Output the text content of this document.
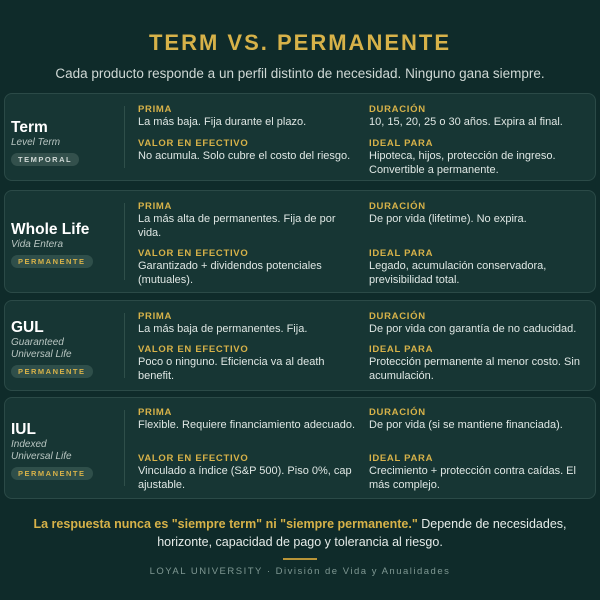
TERM VS. PERMANENTE
Cada producto responde a un perfil distinto de necesidad. Ninguno gana siempre.
Term
Level Term
TEMPORAL
PRIMA
La más baja. Fija durante el plazo.
DURACIÓN
10, 15, 20, 25 o 30 años. Expira al final.
VALOR EN EFECTIVO
No acumula. Solo cubre el costo del riesgo.
IDEAL PARA
Hipoteca, hijos, protección de ingreso. Convertible a permanente.
Whole Life
Vida Entera
PERMANENTE
PRIMA
La más alta de permanentes. Fija de por vida.
DURACIÓN
De por vida (lifetime). No expira.
VALOR EN EFECTIVO
Garantizado + dividendos potenciales (mutuales).
IDEAL PARA
Legado, acumulación conservadora, previsibilidad total.
GUL
Guaranteed
Universal Life
PERMANENTE
PRIMA
La más baja de permanentes. Fija.
DURACIÓN
De por vida con garantía de no caducidad.
VALOR EN EFECTIVO
Poco o ninguno. Eficiencia va al death benefit.
IDEAL PARA
Protección permanente al menor costo. Sin acumulación.
IUL
Indexed
Universal Life
PERMANENTE
PRIMA
Flexible. Requiere financiamiento adecuado.
DURACIÓN
De por vida (si se mantiene financiada).
VALOR EN EFECTIVO
Vinculado a índice (S&P 500). Piso 0%, cap ajustable.
IDEAL PARA
Crecimiento + protección contra caídas. El más complejo.
La respuesta nunca es "siempre term" ni "siempre permanente." Depende de necesidades, horizonte, capacidad de pago y tolerancia al riesgo.
LOYAL UNIVERSITY · División de Vida y Anualidades
